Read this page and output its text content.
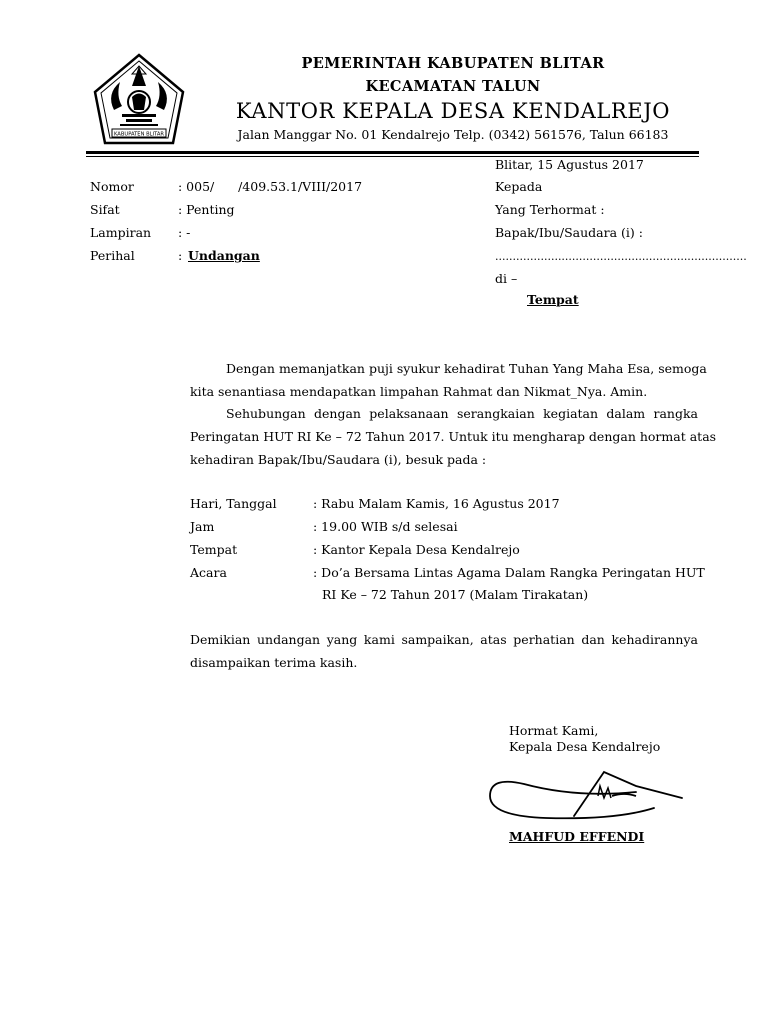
KABUPATEN BLITAR
PEMERINTAH KABUPATEN BLITAR
KECAMATAN TALUN
KANTOR KEPALA DESA KENDALREJO
Jalan Manggar No. 01 Kendalrejo Telp. (0342) 561576, Talun 66183
Blitar, 15 Agustus 2017
Nomor	: 005/      /409.53.1/VIII/2017
Sifat	: Penting
Lampiran : -
Perihal	: Undangan
Kepada
Yang Terhormat :
Bapak/Ibu/Saudara (i) :
........................................................................
di –
Tempat
Dengan memanjatkan puji syukur kehadirat Tuhan Yang Maha Esa, semoga
kita senantiasa mendapatkan limpahan Rahmat dan Nikmat_Nya. Amin.
Sehubungan dengan pelaksanaan serangkaian kegiatan dalam rangka
Peringatan HUT RI Ke – 72 Tahun 2017. Untuk itu mengharap dengan hormat atas
kehadiran Bapak/Ibu/Saudara (i), besuk pada :
Hari, Tanggal	: Rabu Malam Kamis, 16 Agustus 2017
Jam	: 19.00 WIB s/d selesai
Tempat	: Kantor Kepala Desa Kendalrejo
Acara	: Do’a Bersama Lintas Agama Dalam Rangka Peringatan HUT
RI Ke – 72 Tahun 2017 (Malam Tirakatan)
Demikian undangan yang kami sampaikan, atas perhatian dan kehadirannya
disampaikan terima kasih.
Hormat Kami,
Kepala Desa Kendalrejo
MAHFUD EFFENDI
